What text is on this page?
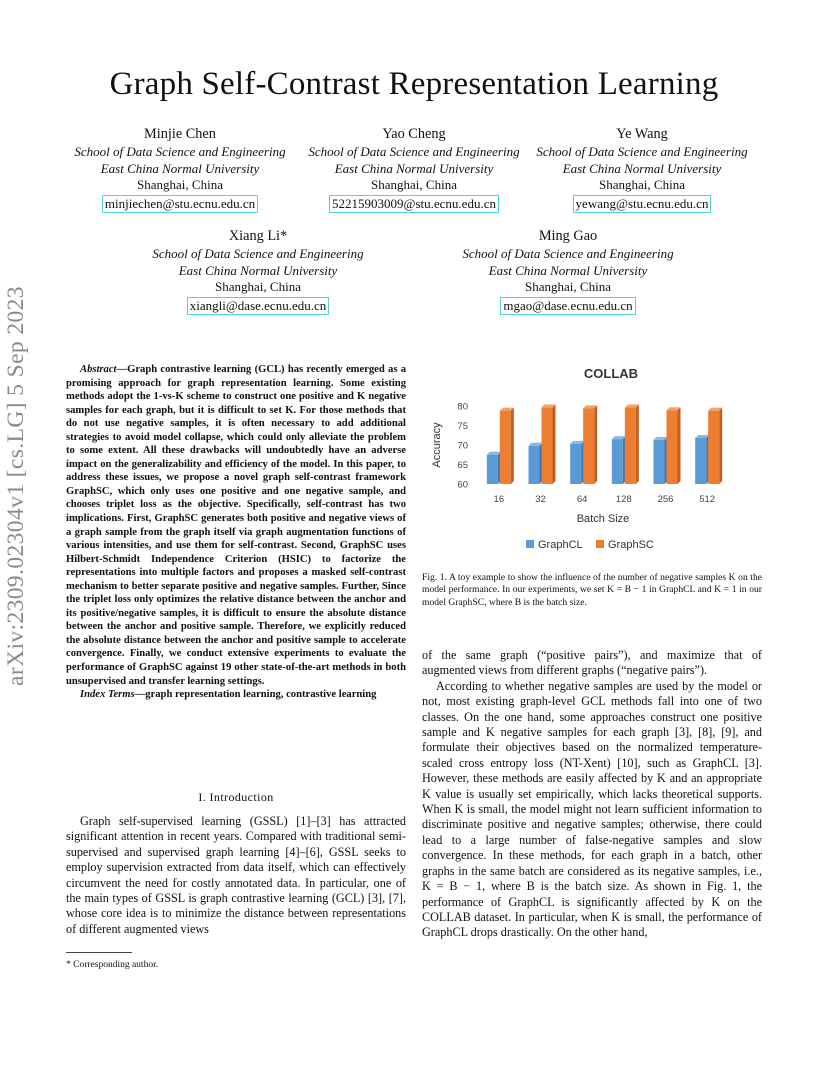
Graph Self-Contrast Representation Learning
arXiv:2309.02304v1 [cs.LG] 5 Sep 2023
Minjie Chen
School of Data Science and Engineering
East China Normal University
Shanghai, China
minjiechen@stu.ecnu.edu.cn
Yao Cheng
School of Data Science and Engineering
East China Normal University
Shanghai, China
52215903009@stu.ecnu.edu.cn
Ye Wang
School of Data Science and Engineering
East China Normal University
Shanghai, China
yewang@stu.ecnu.edu.cn
Xiang Li*
School of Data Science and Engineering
East China Normal University
Shanghai, China
xiangli@dase.ecnu.edu.cn
Ming Gao
School of Data Science and Engineering
East China Normal University
Shanghai, China
mgao@dase.ecnu.edu.cn

Abstract—Graph contrastive learning (GCL) has recently emerged as a promising approach for graph representation learning. Some existing methods adopt the 1-vs-K scheme to construct one positive and K negative samples for each graph, but it is difficult to set K. For those methods that do not use negative samples, it is often necessary to add additional strategies to avoid model collapse, which could only alleviate the problem to some extent. All these drawbacks will undoubtedly have an adverse impact on the generalizability and efficiency of the model. In this paper, to address these issues, we propose a novel graph self-contrast framework GraphSC, which only uses one positive and one negative sample, and chooses triplet loss as the objective. Specifically, self-contrast has two implications. First, GraphSC generates both positive and negative views of a graph sample from the graph itself via graph augmentation functions of various intensities, and use them for self-contrast. Second, GraphSC uses Hilbert-Schmidt Independence Criterion (HSIC) to factorize the representations into multiple factors and proposes a masked self-contrast mechanism to better separate positive and negative samples. Further, Since the triplet loss only optimizes the relative distance between the anchor and its positive/negative samples, it is difficult to ensure the absolute distance between the anchor and positive sample. Therefore, we explicitly reduced the absolute distance between the anchor and positive sample to accelerate convergence. Finally, we conduct extensive experiments to evaluate the performance of GraphSC against 19 other state-of-the-art methods in both unsupervised and transfer learning settings.

Index Terms—graph representation learning, contrastive learning

I. Introduction

Graph self-supervised learning (GSSL) [1]–[3] has attracted significant attention in recent years. Compared with traditional semi-supervised and supervised graph learning [4]–[6], GSSL seeks to employ supervision extracted from data itself, which can effectively circumvent the need for costly annotated data. In particular, one of the main types of GSSL is graph contrastive learning (GCL) [3], [7], whose core idea is to minimize the distance between representations of different augmented views

* Corresponding author.
COLLAB
Accuracy
60
65
70
75
80
16	32	64	128	256	512
Batch Size
GraphCL GraphSC
Fig. 1. A toy example to show the influence of the number of negative samples K on the model performance. In our experiments, we set K = B − 1 in GraphCL and K = 1 in our model GraphSC, where B is the batch size.

of the same graph (“positive pairs”), and maximize that of augmented views from different graphs (“negative pairs”).

According to whether negative samples are used by the model or not, most existing graph-level GCL methods fall into one of two classes. On the one hand, some approaches construct one positive sample and K negative samples for each graph [3], [8], [9], and formulate their objectives based on the normalized temperature-scaled cross entropy loss (NT-Xent) [10], such as GraphCL [3]. However, these methods are easily affected by K and an appropriate K value is usually set empirically, which lacks theoretical supports. When K is small, the model might not learn sufficient information to discriminate positive and negative samples; otherwise, there could lead to a large number of false-negative samples and slow convergence. In these methods, for each graph in a batch, other graphs in the same batch are considered as its negative samples, i.e., K = B − 1, where B is the batch size. As shown in Fig. 1, the performance of GraphCL is significantly affected by K on the COLLAB dataset. In particular, when K is small, the performance of GraphCL drops drastically. On the other hand,
